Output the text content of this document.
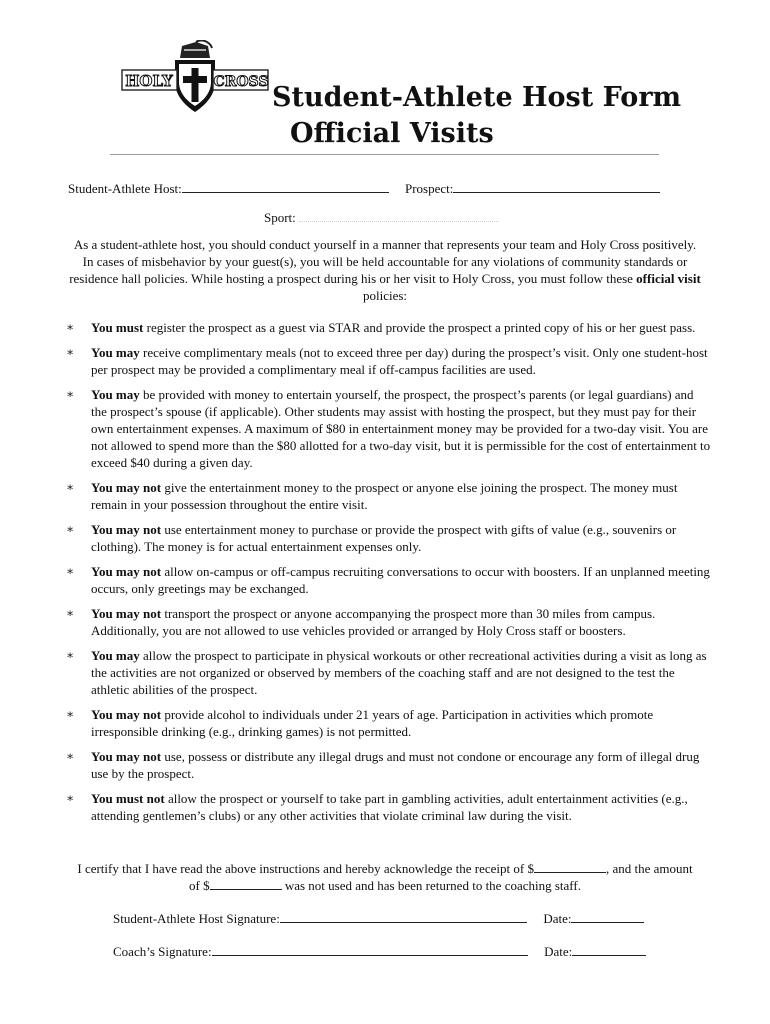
HOLY	CROSS Student-Athlete Host Form
Official Visits
Student-Athlete Host:	Prospect:
Sport:
As a student-athlete host, you should conduct yourself in a manner that represents your team and Holy Cross positively. In cases of misbehavior by your guest(s), you will be held accountable for any violations of community standards or residence hall policies. While hosting a prospect during his or her visit to Holy Cross, you must follow these official visit policies:
∗ You must register the prospect as a guest via STAR and provide the prospect a printed copy of his or her guest pass.
∗ You may receive complimentary meals (not to exceed three per day) during the prospect’s visit. Only one student-host per prospect may be provided a complimentary meal if off-campus facilities are used.
∗ You may be provided with money to entertain yourself, the prospect, the prospect’s parents (or legal guardians) and the prospect’s spouse (if applicable). Other students may assist with hosting the prospect, but they must pay for their own entertainment expenses. A maximum of $80 in entertainment money may be provided for a two-day visit. You are not allowed to spend more than the $80 allotted for a two-day visit, but it is permissible for the cost of entertainment to exceed $40 during a given day.
∗ You may not give the entertainment money to the prospect or anyone else joining the prospect. The money must remain in your possession throughout the entire visit.
∗ You may not use entertainment money to purchase or provide the prospect with gifts of value (e.g., souvenirs or clothing). The money is for actual entertainment expenses only.
∗ You may not allow on-campus or off-campus recruiting conversations to occur with boosters. If an unplanned meeting occurs, only greetings may be exchanged.
∗ You may not transport the prospect or anyone accompanying the prospect more than 30 miles from campus. Additionally, you are not allowed to use vehicles provided or arranged by Holy Cross staff or boosters.
∗ You may allow the prospect to participate in physical workouts or other recreational activities during a visit as long as the activities are not organized or observed by members of the coaching staff and are not designed to the test the athletic abilities of the prospect.
∗ You may not provide alcohol to individuals under 21 years of age. Participation in activities which promote irresponsible drinking (e.g., drinking games) is not permitted.
∗ You may not use, possess or distribute any illegal drugs and must not condone or encourage any form of illegal drug use by the prospect.
∗ You must not allow the prospect or yourself to take part in gambling activities, adult entertainment activities (e.g., attending gentlemen’s clubs) or any other activities that violate criminal law during the visit.
I certify that I have read the above instructions and hereby acknowledge the receipt of $	, and the amount of $	was not used and has been returned to the coaching staff.
Student-Athlete Host Signature:	Date:
Coach’s Signature:	Date:
